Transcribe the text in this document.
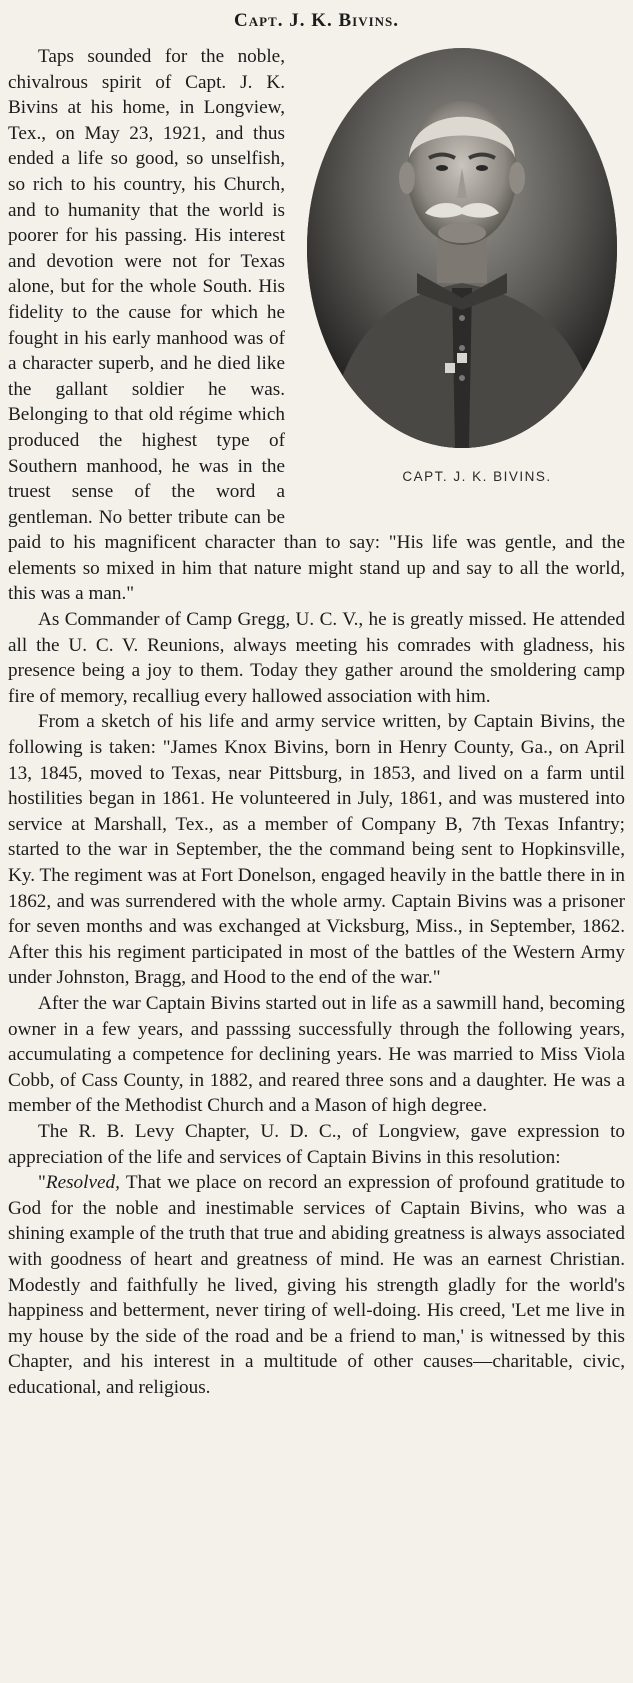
Capt. J. K. Bivins.

CAPT. J. K. BIVINS.
Taps sounded for the noble, chivalrous spirit of Capt. J. K. Bivins at his home, in Longview, Tex., on May 23, 1921, and thus ended a life so good, so unselfish, so rich to his country, his Church, and to humanity that the world is poorer for his passing. His interest and devotion were not for Texas alone, but for the whole South. His fidelity to the cause for which he fought in his early manhood was of a character superb, and he died like the gallant soldier he was. Belonging to that old régime which produced the highest type of Southern manhood, he was in the truest sense of the word a gentleman. No better tribute can be paid to his magnificent character than to say: "His life was gentle, and the elements so mixed in him that nature might stand up and say to all the world, this was a man."

As Commander of Camp Gregg, U. C. V., he is greatly missed. He attended all the U. C. V. Reunions, always meeting his comrades with gladness, his presence being a joy to them. Today they gather around the smoldering camp fire of memory, recalliug every hallowed association with him.

From a sketch of his life and army service written, by Captain Bivins, the following is taken: "James Knox Bivins, born in Henry County, Ga., on April 13, 1845, moved to Texas, near Pittsburg, in 1853, and lived on a farm until hostilities began in 1861. He volunteered in July, 1861, and was mustered into service at Marshall, Tex., as a member of Company B, 7th Texas Infantry; started to the war in September, the the command being sent to Hopkinsville, Ky. The regiment was at Fort Donelson, engaged heavily in the battle there in in 1862, and was surrendered with the whole army. Captain Bivins was a prisoner for seven months and was exchanged at Vicksburg, Miss., in September, 1862. After this his regiment participated in most of the battles of the Western Army under Johnston, Bragg, and Hood to the end of the war."

After the war Captain Bivins started out in life as a sawmill hand, becoming owner in a few years, and passsing successfully through the following years, accumulating a competence for declining years. He was married to Miss Viola Cobb, of Cass County, in 1882, and reared three sons and a daughter. He was a member of the Methodist Church and a Mason of high degree.

The R. B. Levy Chapter, U. D. C., of Longview, gave expression to appreciation of the life and services of Captain Bivins in this resolution:

"Resolved, That we place on record an expression of profound gratitude to God for the noble and inestimable services of Captain Bivins, who was a shining example of the truth that true and abiding greatness is always associated with goodness of heart and greatness of mind. He was an earnest Christian. Modestly and faithfully he lived, giving his strength gladly for the world's happiness and betterment, never tiring of well-doing. His creed, 'Let me live in my house by the side of the road and be a friend to man,' is witnessed by this Chapter, and his interest in a multitude of other causes—charitable, civic, educational, and religious.
